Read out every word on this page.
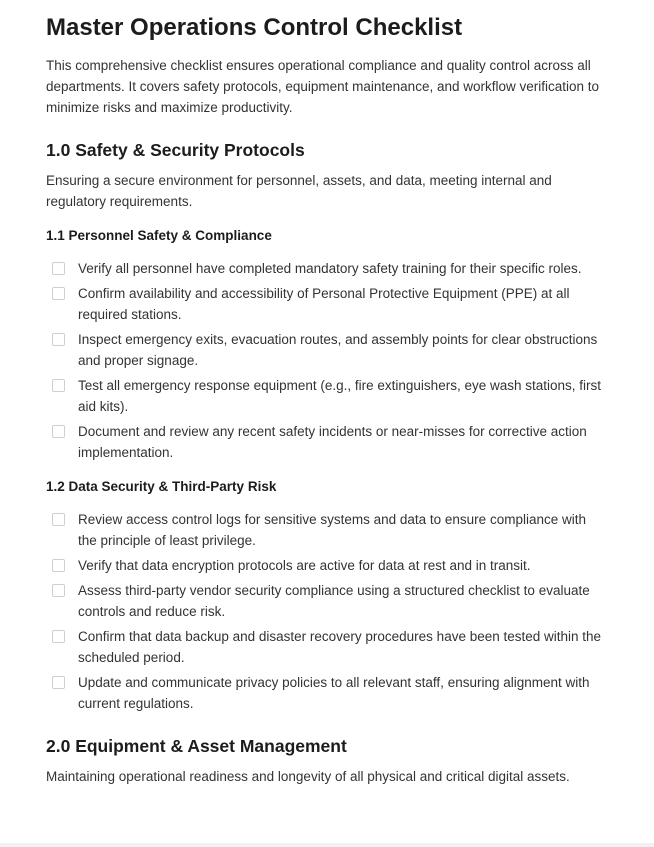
Master Operations Control Checklist

This comprehensive checklist ensures operational compliance and quality control across all departments. It covers safety protocols, equipment maintenance, and workflow verification to minimize risks and maximize productivity.

1.0 Safety & Security Protocols

Ensuring a secure environment for personnel, assets, and data, meeting internal and regulatory requirements.

1.1 Personnel Safety & Compliance
Verify all personnel have completed mandatory safety training for their specific roles.
Confirm availability and accessibility of Personal Protective Equipment (PPE) at all required stations.
Inspect emergency exits, evacuation routes, and assembly points for clear obstructions and proper signage.
Test all emergency response equipment (e.g., fire extinguishers, eye wash stations, first aid kits).
Document and review any recent safety incidents or near-misses for corrective action implementation.
1.2 Data Security & Third-Party Risk
Review access control logs for sensitive systems and data to ensure compliance with the principle of least privilege.
Verify that data encryption protocols are active for data at rest and in transit.
Assess third-party vendor security compliance using a structured checklist to evaluate controls and reduce risk.
Confirm that data backup and disaster recovery procedures have been tested within the scheduled period.
Update and communicate privacy policies to all relevant staff, ensuring alignment with current regulations.
2.0 Equipment & Asset Management

Maintaining operational readiness and longevity of all physical and critical digital assets.
